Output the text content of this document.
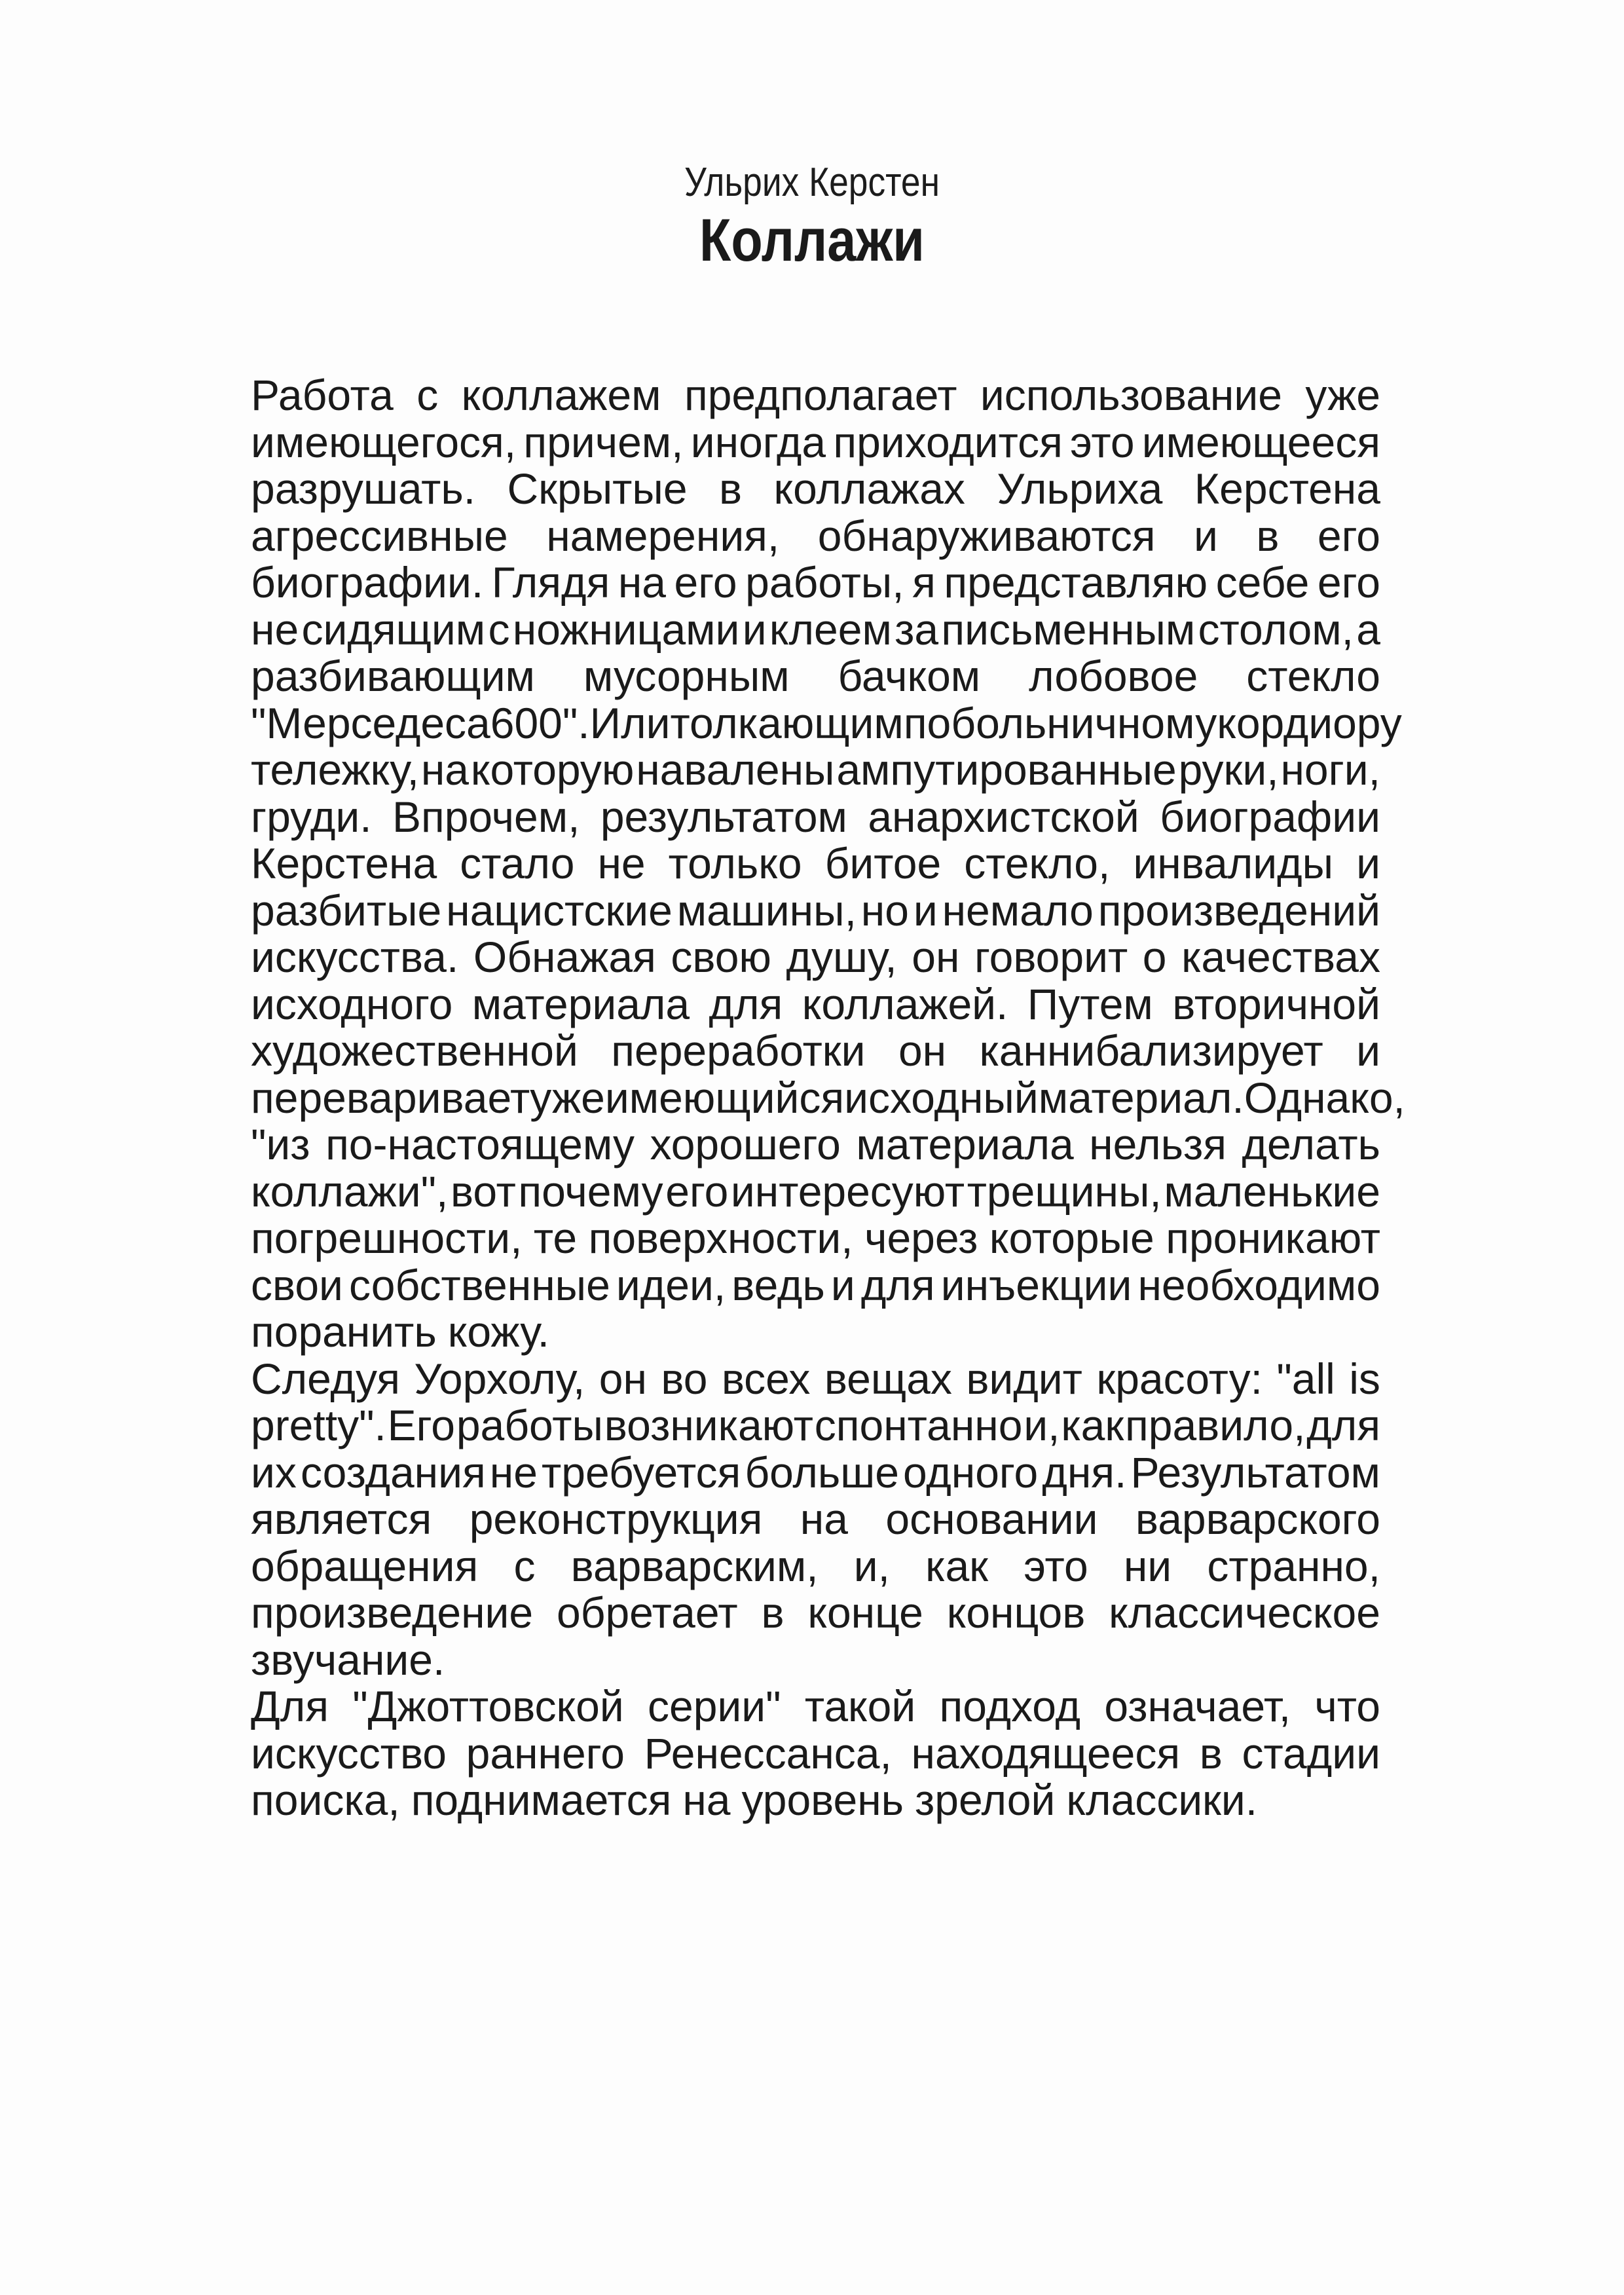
Ульрих Керстен
Коллажи
Работа с коллажем предполагает использование уже
имеющегося, причем, иногда приходится это имеющееся
разрушать. Скрытые в коллажах Ульриха Керстена
агрессивные намерения, обнаруживаются и в его
биографии. Глядя на его работы, я представляю себе его
не сидящим с ножницами и клеем за письменным столом, а
разбивающим мусорным бачком лобовое стекло
"Мерседеса 600". Или толкающим по больничному кордиору
тележку, на которую навалены ампутированные руки, ноги,
груди. Впрочем, результатом анархистской биографии
Керстена стало не только битое стекло, инвалиды и
разбитые нацистские машины, но и немало произведений
искусства. Обнажая свою душу, он говорит о качествах
исходного материала для коллажей. Путем вторичной
художественной переработки он каннибализирует и
переваривает уже имеющийся исходный материал. Однако,
"из по-настоящему хорошего материала нельзя делать
коллажи", вот почему его интересуют трещины, маленькие
погрешности, те поверхности, через которые проникают
свои собственные идеи, ведь и для инъекции необходимо
поранить кожу.
Следуя Уорхолу, он во всех вещах видит красоту: "all is
pretty". Его работы возникают спонтанно и, как правило, для
их создания не требуется больше одного дня. Результатом
является реконструкция на основании варварского
обращения с варварским, и, как это ни странно,
произведение обретает в конце концов классическое
звучание.
Для "Джоттовской серии" такой подход означает, что
искусство раннего Ренессанса, находящееся в стадии
поиска, поднимается на уровень зрелой классики.
